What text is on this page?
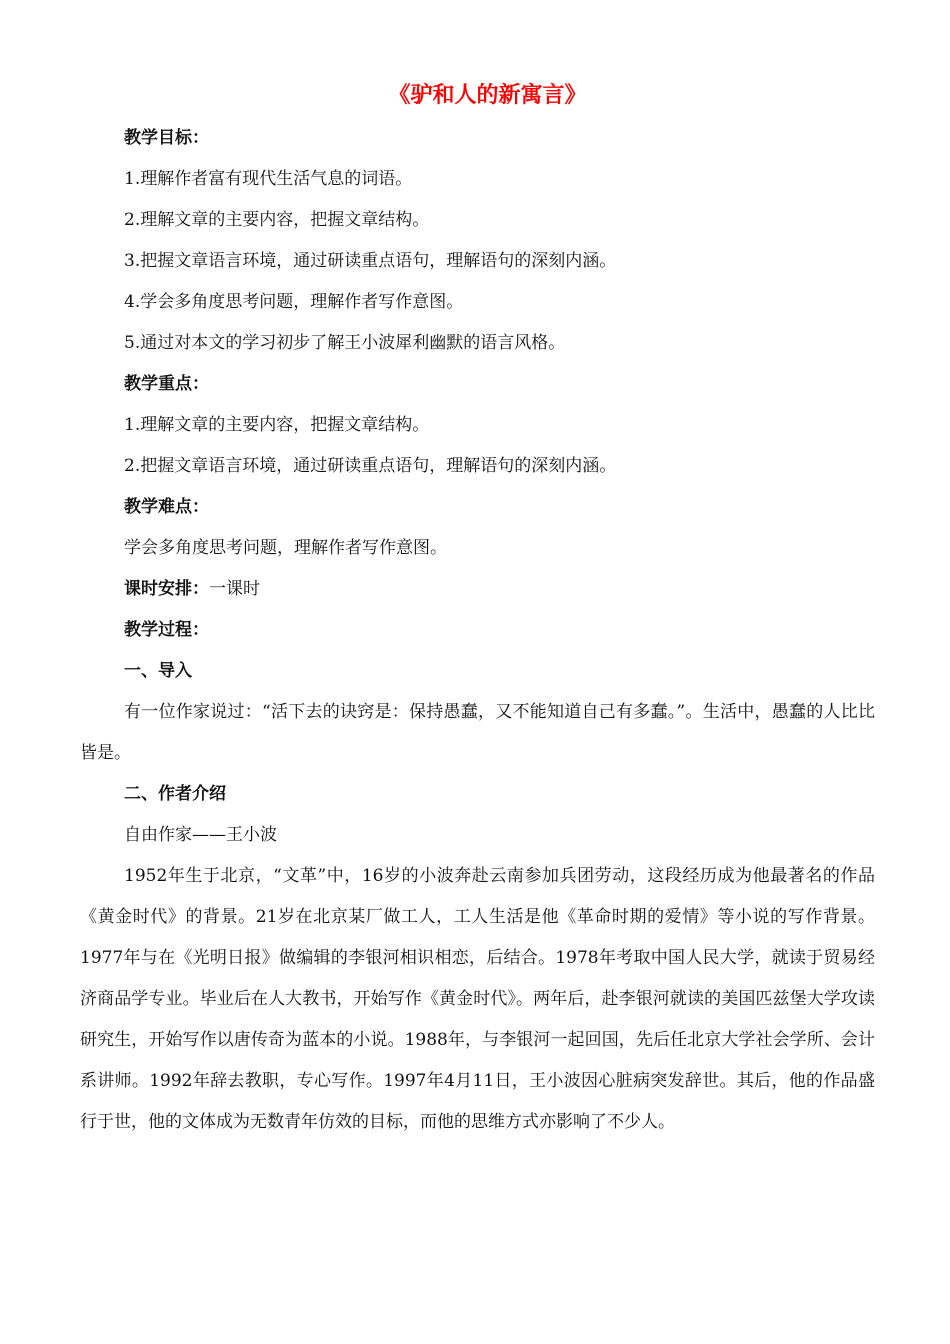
《驴和人的新寓言》
教学目标：
1.理解作者富有现代生活气息的词语。
2.理解文章的主要内容，把握文章结构。
3.把握文章语言环境，通过研读重点语句，理解语句的深刻内涵。
4.学会多角度思考问题，理解作者写作意图。
5.通过对本文的学习初步了解王小波犀利幽默的语言风格。
教学重点：
1.理解文章的主要内容，把握文章结构。
2.把握文章语言环境，通过研读重点语句，理解语句的深刻内涵。
教学难点：
学会多角度思考问题，理解作者写作意图。
课时安排：一课时
教学过程：
一、导入

有一位作家说过：“活下去的诀窍是：保持愚蠢，又不能知道自己有多蠢。”。生活中，愚蠢的人比比皆是。

二、作者介绍
自由作家——王小波

1952年生于北京，“文革”中，16岁的小波奔赴云南参加兵团劳动，这段经历成为他最著名的作品《黄金时代》的背景。21岁在北京某厂做工人，工人生活是他《革命时期的爱情》等小说的写作背景。1977年与在《光明日报》做编辑的李银河相识相恋，后结合。1978年考取中国人民大学，就读于贸易经济商品学专业。毕业后在人大教书，开始写作《黄金时代》。两年后，赴李银河就读的美国匹兹堡大学攻读研究生，开始写作以唐传奇为蓝本的小说。1988年，与李银河一起回国，先后任北京大学社会学所、会计系讲师。1992年辞去教职，专心写作。1997年4月11日，王小波因心脏病突发辞世。其后，他的作品盛行于世，他的文体成为无数青年仿效的目标，而他的思维方式亦影响了不少人。
